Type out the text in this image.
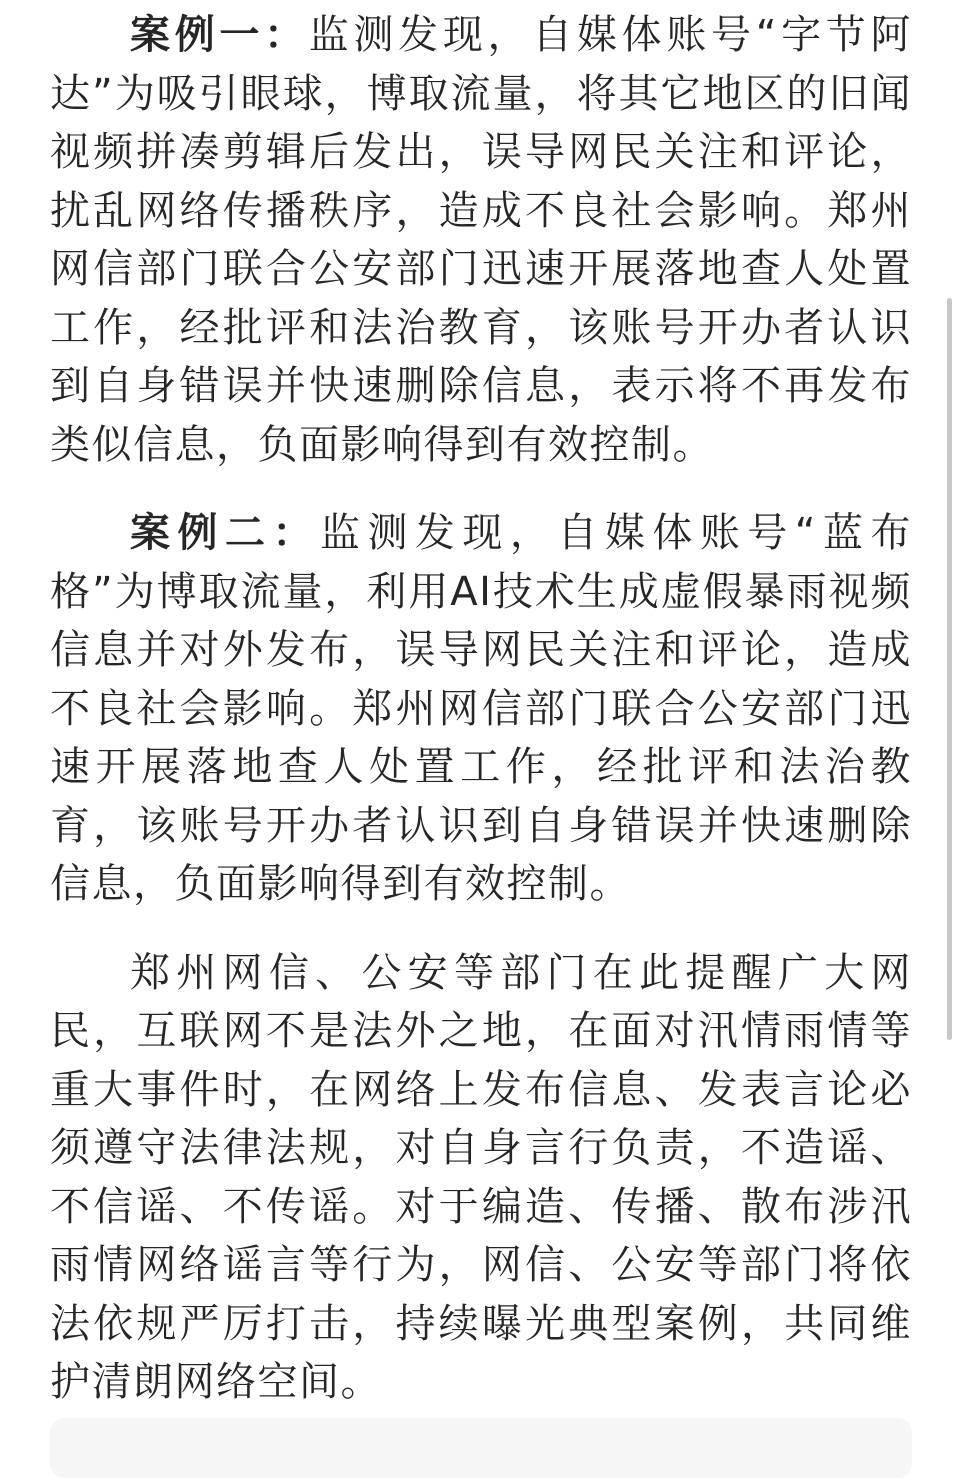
案例一：监测发现，自媒体账号“字节阿达”为吸引眼球，博取流量，将其它地区的旧闻视频拼凑剪辑后发出，误导网民关注和评论，扰乱网络传播秩序，造成不良社会影响。郑州网信部门联合公安部门迅速开展落地查人处置工作，经批评和法治教育，该账号开办者认识到自身错误并快速删除信息，表示将不再发布类似信息，负面影响得到有效控制。

案例二：监测发现，自媒体账号“蓝布格”为博取流量，利用AI技术生成虚假暴雨视频信息并对外发布，误导网民关注和评论，造成不良社会影响。郑州网信部门联合公安部门迅速开展落地查人处置工作，经批评和法治教育，该账号开办者认识到自身错误并快速删除信息，负面影响得到有效控制。

郑州网信、公安等部门在此提醒广大网民，互联网不是法外之地，在面对汛情雨情等重大事件时，在网络上发布信息、发表言论必须遵守法律法规，对自身言行负责，不造谣、不信谣、不传谣。对于编造、传播、散布涉汛雨情网络谣言等行为，网信、公安等部门将依法依规严厉打击，持续曝光典型案例，共同维护清朗网络空间。
